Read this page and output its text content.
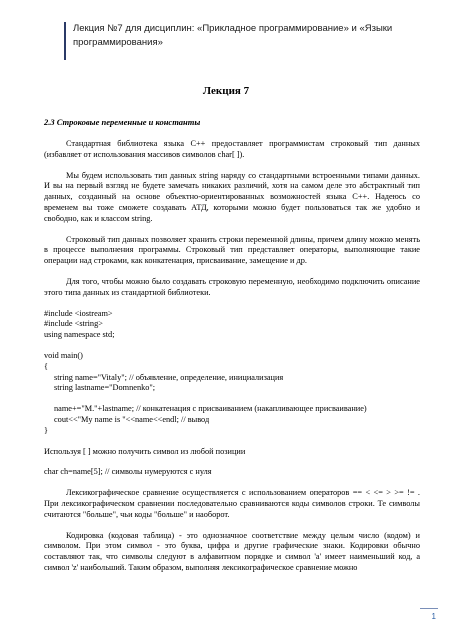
Лекция №7 для дисциплин: «Прикладное программирование» и «Языки
программирования»
Лекция 7
2.3 Строковые переменные и константы

Стандартная библиотека языка С++ предоставляет программистам строковый тип данных (избавляет от использования массивов символов char[ ]).

Мы будем использовать тип данных string наряду со стандартными встроенными типами данных. И вы на первый взгляд не будете замечать никаких различий, хотя на самом деле это абстрактный тип данных, созданный на основе объектно-ориентированных возможностей языка С++. Надеюсь со временем вы тоже сможете создавать АТД, которыми можно будет пользоваться так же удобно и свободно, как и классом string.

Строковый тип данных позволяет хранить строки переменной длины, причем длину можно менять в процессе выполнения программы. Строковый тип представляет операторы, выполняющие такие операции над строками, как конкатенация, присваивание, замещение и др.

Для того, чтобы можно было создавать строковую переменную, необходимо подключить описание этого типа данных из стандартной библиотеки.

#include <iostream>

#include <string>

using namespace std;

void main()

{

string name="Vitaly"; // объявление, определение, инициализация

string lastname="Domnenko";

name+="M."+lastname; // конкатенация с присваиванием (накапливающее присваивание)

cout<<"My name is "<<name<<endl; // вывод

}

Используя [ ] можно получить символ из любой позиции

char ch=name[5]; // символы нумеруются с нуля

Лексикографическое сравнение осуществляется с использованием операторов == < <= > >= != . При лексикографическом сравнении последовательно сравниваются коды символов строки. Те символы считаются "больше", чьи коды "больше" и наоборот.

Кодировка (кодовая таблица) - это однозначное соответствие между целым число (кодом) и символом. При этом символ - это буква, цифра и другие графические знаки. Кодировки обычно составляют так, что символы следуют в алфавитном порядке и символ 'a' имеет наименьший код, а символ 'z' наибольший. Таким образом, выполняя лексикографическое сравнение можно

1
